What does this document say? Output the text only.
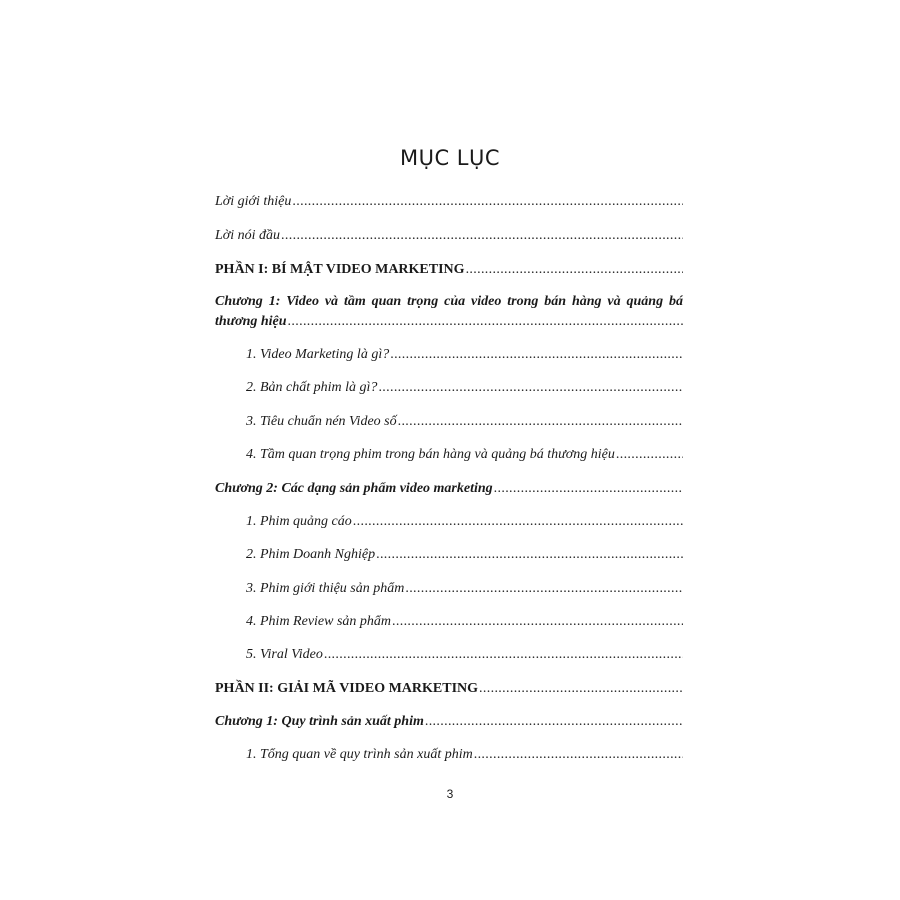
MỤC LỤC
Lời giới thiệu
.....
Lời nói đầu
.....
PHẦN I: BÍ MẬT VIDEO MARKETING
.....
Chương 1: Video và tầm quan trọng của video trong bán hàng và quảng bá
thương hiệu
.....
1. Video Marketing là gì?
.....
2. Bản chất phim là gì?
.....
3. Tiêu chuẩn nén Video số
.....
4. Tầm quan trọng phim trong bán hàng và quảng bá thương hiệu
.....
Chương 2: Các dạng sản phẩm video marketing
.....
1. Phim quảng cáo
.....
2. Phim Doanh Nghiệp
.....
3. Phim giới thiệu sản phẩm
.....
4. Phim Review sản phẩm
.....
5. Viral Video
.....
PHẦN II: GIẢI MÃ VIDEO MARKETING
.....
Chương 1: Quy trình sản xuất phim
.....
1. Tổng quan về quy trình sản xuất phim
.....
3
